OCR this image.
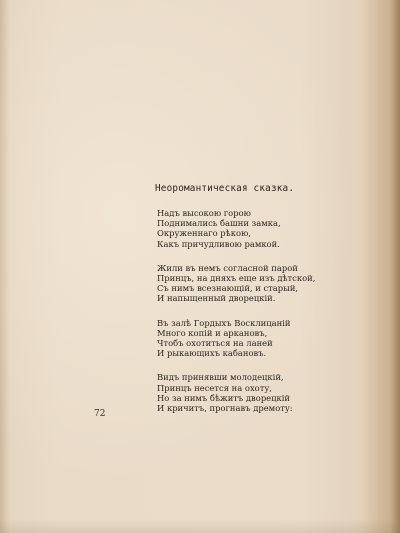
Неоромантическая сказка.
Надъ высокою горою
Поднимались башни замка,
Окруженнаго рѣкою,
Какъ причудливою рамкой.
Жили въ немъ согласной парой
Принцъ, на дняхъ еще изъ дѣтской,
Съ нимъ всезнающій, и старый,
И напыщенный дворецкій.
Въ залѣ Гордыхъ Восклицаній
Много копій и аркановъ,
Чтобъ охотиться на ланей
И рыкающихъ кабановъ.
Видъ принявши молодецкій,
Принцъ несется на охоту,
Но за нимъ бѣжитъ дворецкій
И кричитъ, прогнавъ дремоту:
72
